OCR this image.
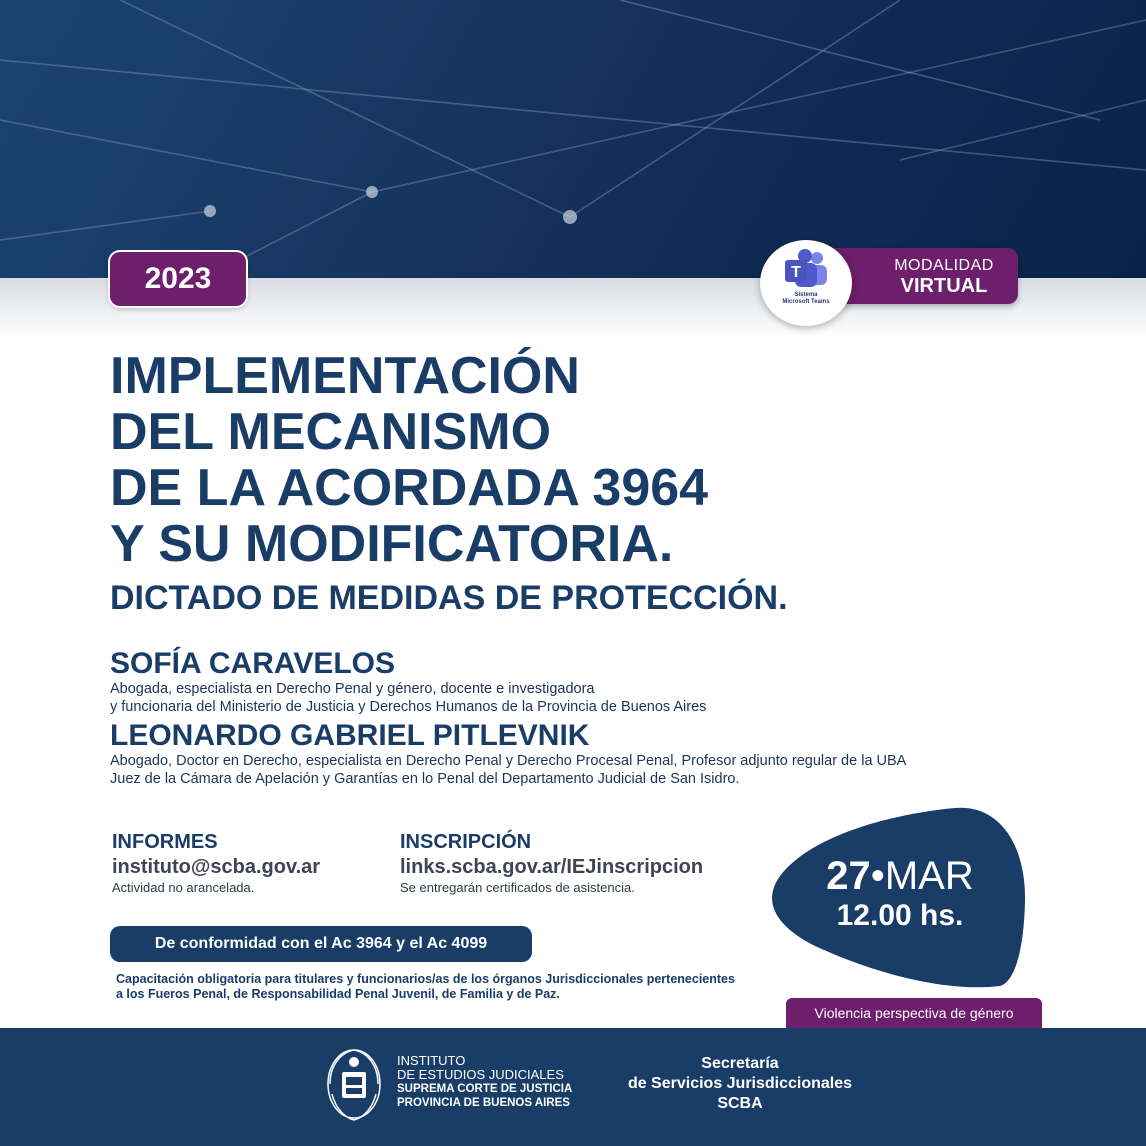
2023	MODALIDAD
VIRTUAL
T
Sistema
Microsoft Teams

IMPLEMENTACIÓN

DEL MECANISMO

DE LA ACORDADA 3964

Y SU MODIFICATORIA.

DICTADO DE MEDIDAS DE PROTECCIÓN.

SOFÍA CARAVELOS
Abogada, especialista en Derecho Penal y género, docente e investigadora
y funcionaria del Ministerio de Justicia y Derechos Humanos de la Provincia de Buenos Aires
LEONARDO GABRIEL PITLEVNIK
Abogado, Doctor en Derecho, especialista en Derecho Penal y Derecho Procesal Penal, Profesor adjunto regular de la UBA
Juez de la Cámara de Apelación y Garantías en lo Penal del Departamento Judicial de San Isidro.
INFORMES
instituto@scba.gov.ar
Actividad no arancelada.
INSCRIPCIÓN
links.scba.gov.ar/IEJinscripcion
Se entregarán certificados de asistencia.	27•MAR
12.00 hs.
De conformidad con el Ac 3964 y el Ac 4099
Capacitación obligatoria para titulares y funcionarios/as de los órganos Jurisdiccionales pertenecientes
a los Fueros Penal, de Responsabilidad Penal Juvenil, de Familia y de Paz.
Violencia perspectiva de género
INSTITUTO
DE ESTUDIOS JUDICIALES
SUPREMA CORTE DE JUSTICIA
PROVINCIA DE BUENOS AIRES
Secretaría
de Servicios Jurisdiccionales
SCBA
